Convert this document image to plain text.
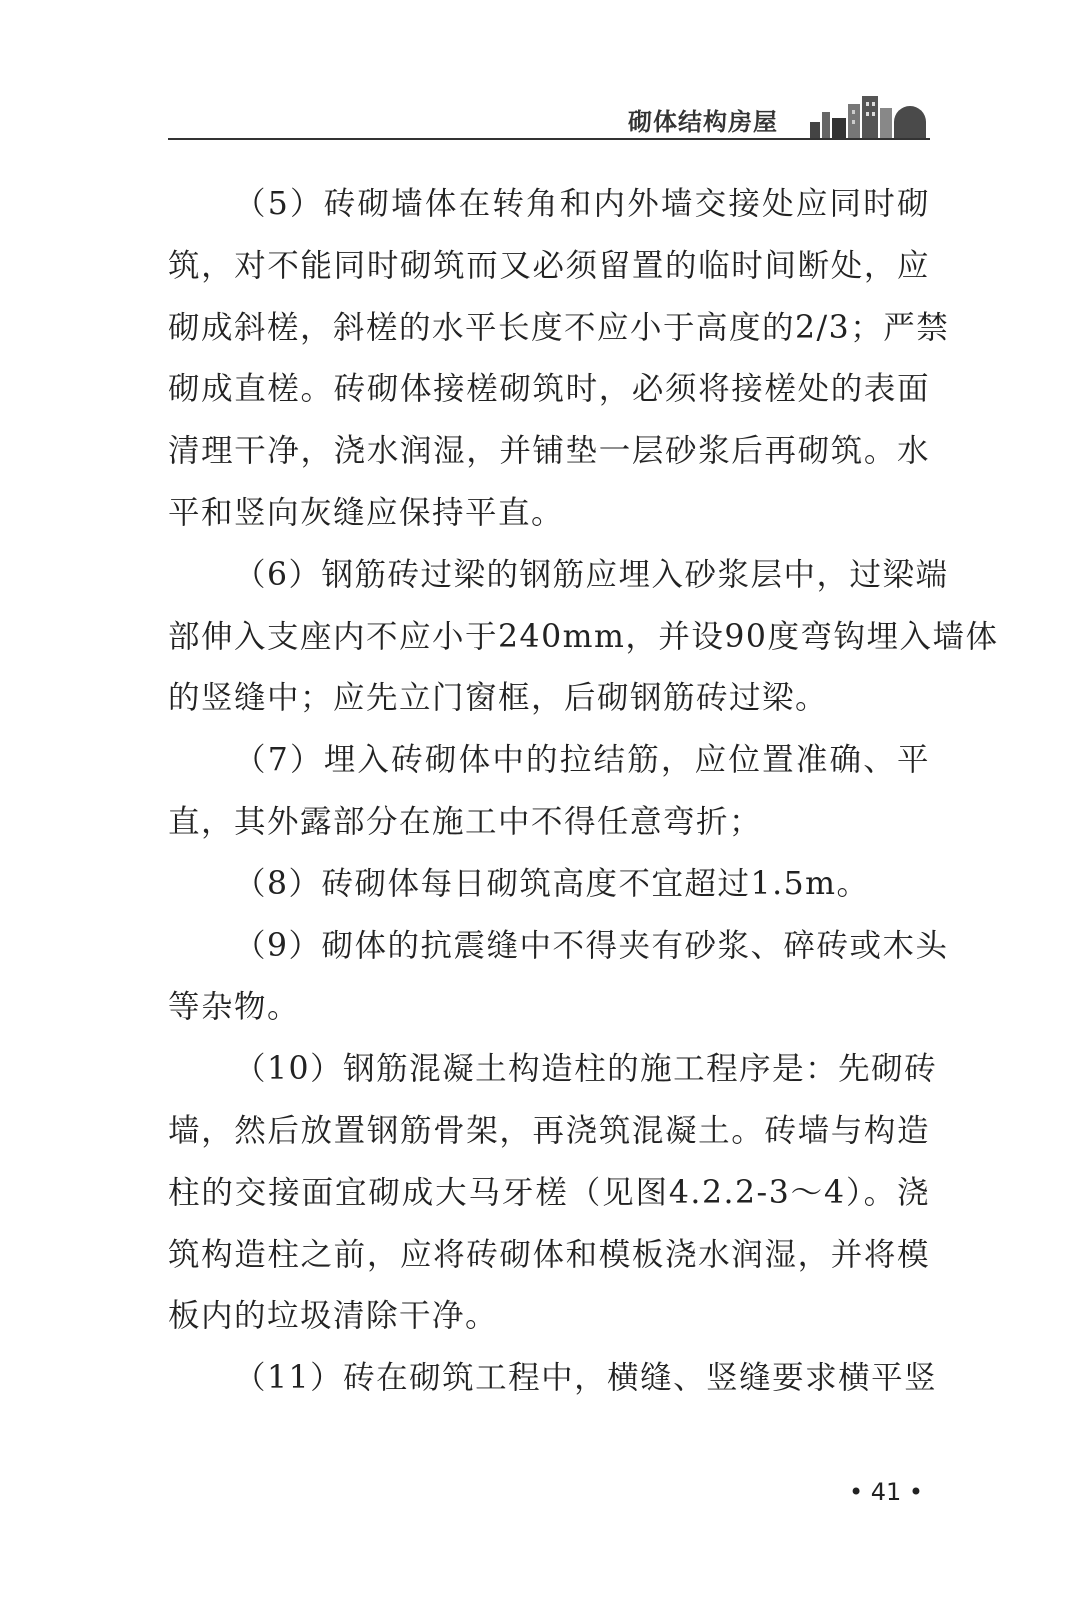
砌体结构房屋

（5）砖砌墙体在转角和内外墙交接处应同时砌
筑，对不能同时砌筑而又必须留置的临时间断处，应
砌成斜槎，斜槎的水平长度不应小于高度的2/3；严禁
砌成直槎。砖砌体接槎砌筑时，必须将接槎处的表面
清理干净，浇水润湿，并铺垫一层砂浆后再砌筑。水
平和竖向灰缝应保持平直。

（6）钢筋砖过梁的钢筋应埋入砂浆层中，过梁端
部伸入支座内不应小于240mm，并设90度弯钩埋入墙体
的竖缝中；应先立门窗框，后砌钢筋砖过梁。

（7）埋入砖砌体中的拉结筋，应位置准确、平
直，其外露部分在施工中不得任意弯折；

（8）砖砌体每日砌筑高度不宜超过1.5m。

（9）砌体的抗震缝中不得夹有砂浆、碎砖或木头
等杂物。

（10）钢筋混凝土构造柱的施工程序是：先砌砖
墙，然后放置钢筋骨架，再浇筑混凝土。砖墙与构造
柱的交接面宜砌成大马牙槎（见图4.2.2-3～4）。浇
筑构造柱之前，应将砖砌体和模板浇水润湿，并将模
板内的垃圾清除干净。

（11）砖在砌筑工程中，横缝、竖缝要求横平竖

• 41 •
